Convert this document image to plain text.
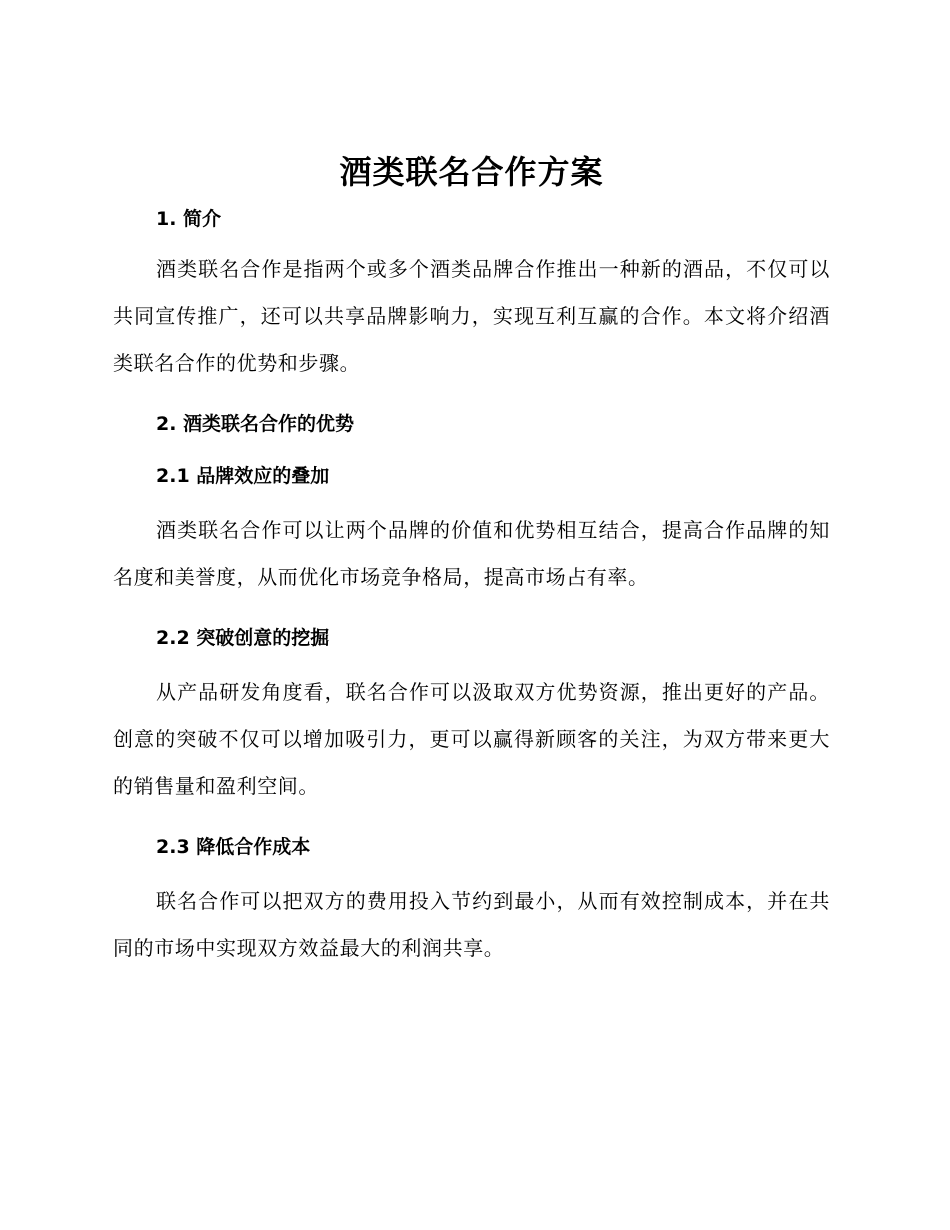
酒类联名合作方案
1. 简介

酒类联名合作是指两个或多个酒类品牌合作推出一种新的酒品，不仅可以共同宣传推广，还可以共享品牌影响力，实现互利互赢的合作。本文将介绍酒类联名合作的优势和步骤。

2. 酒类联名合作的优势
2.1 品牌效应的叠加

酒类联名合作可以让两个品牌的价值和优势相互结合，提高合作品牌的知名度和美誉度，从而优化市场竞争格局，提高市场占有率。

2.2 突破创意的挖掘

从产品研发角度看，联名合作可以汲取双方优势资源，推出更好的产品。创意的突破不仅可以增加吸引力，更可以赢得新顾客的关注，为双方带来更大的销售量和盈利空间。

2.3 降低合作成本

联名合作可以把双方的费用投入节约到最小，从而有效控制成本，并在共同的市场中实现双方效益最大的利润共享。
